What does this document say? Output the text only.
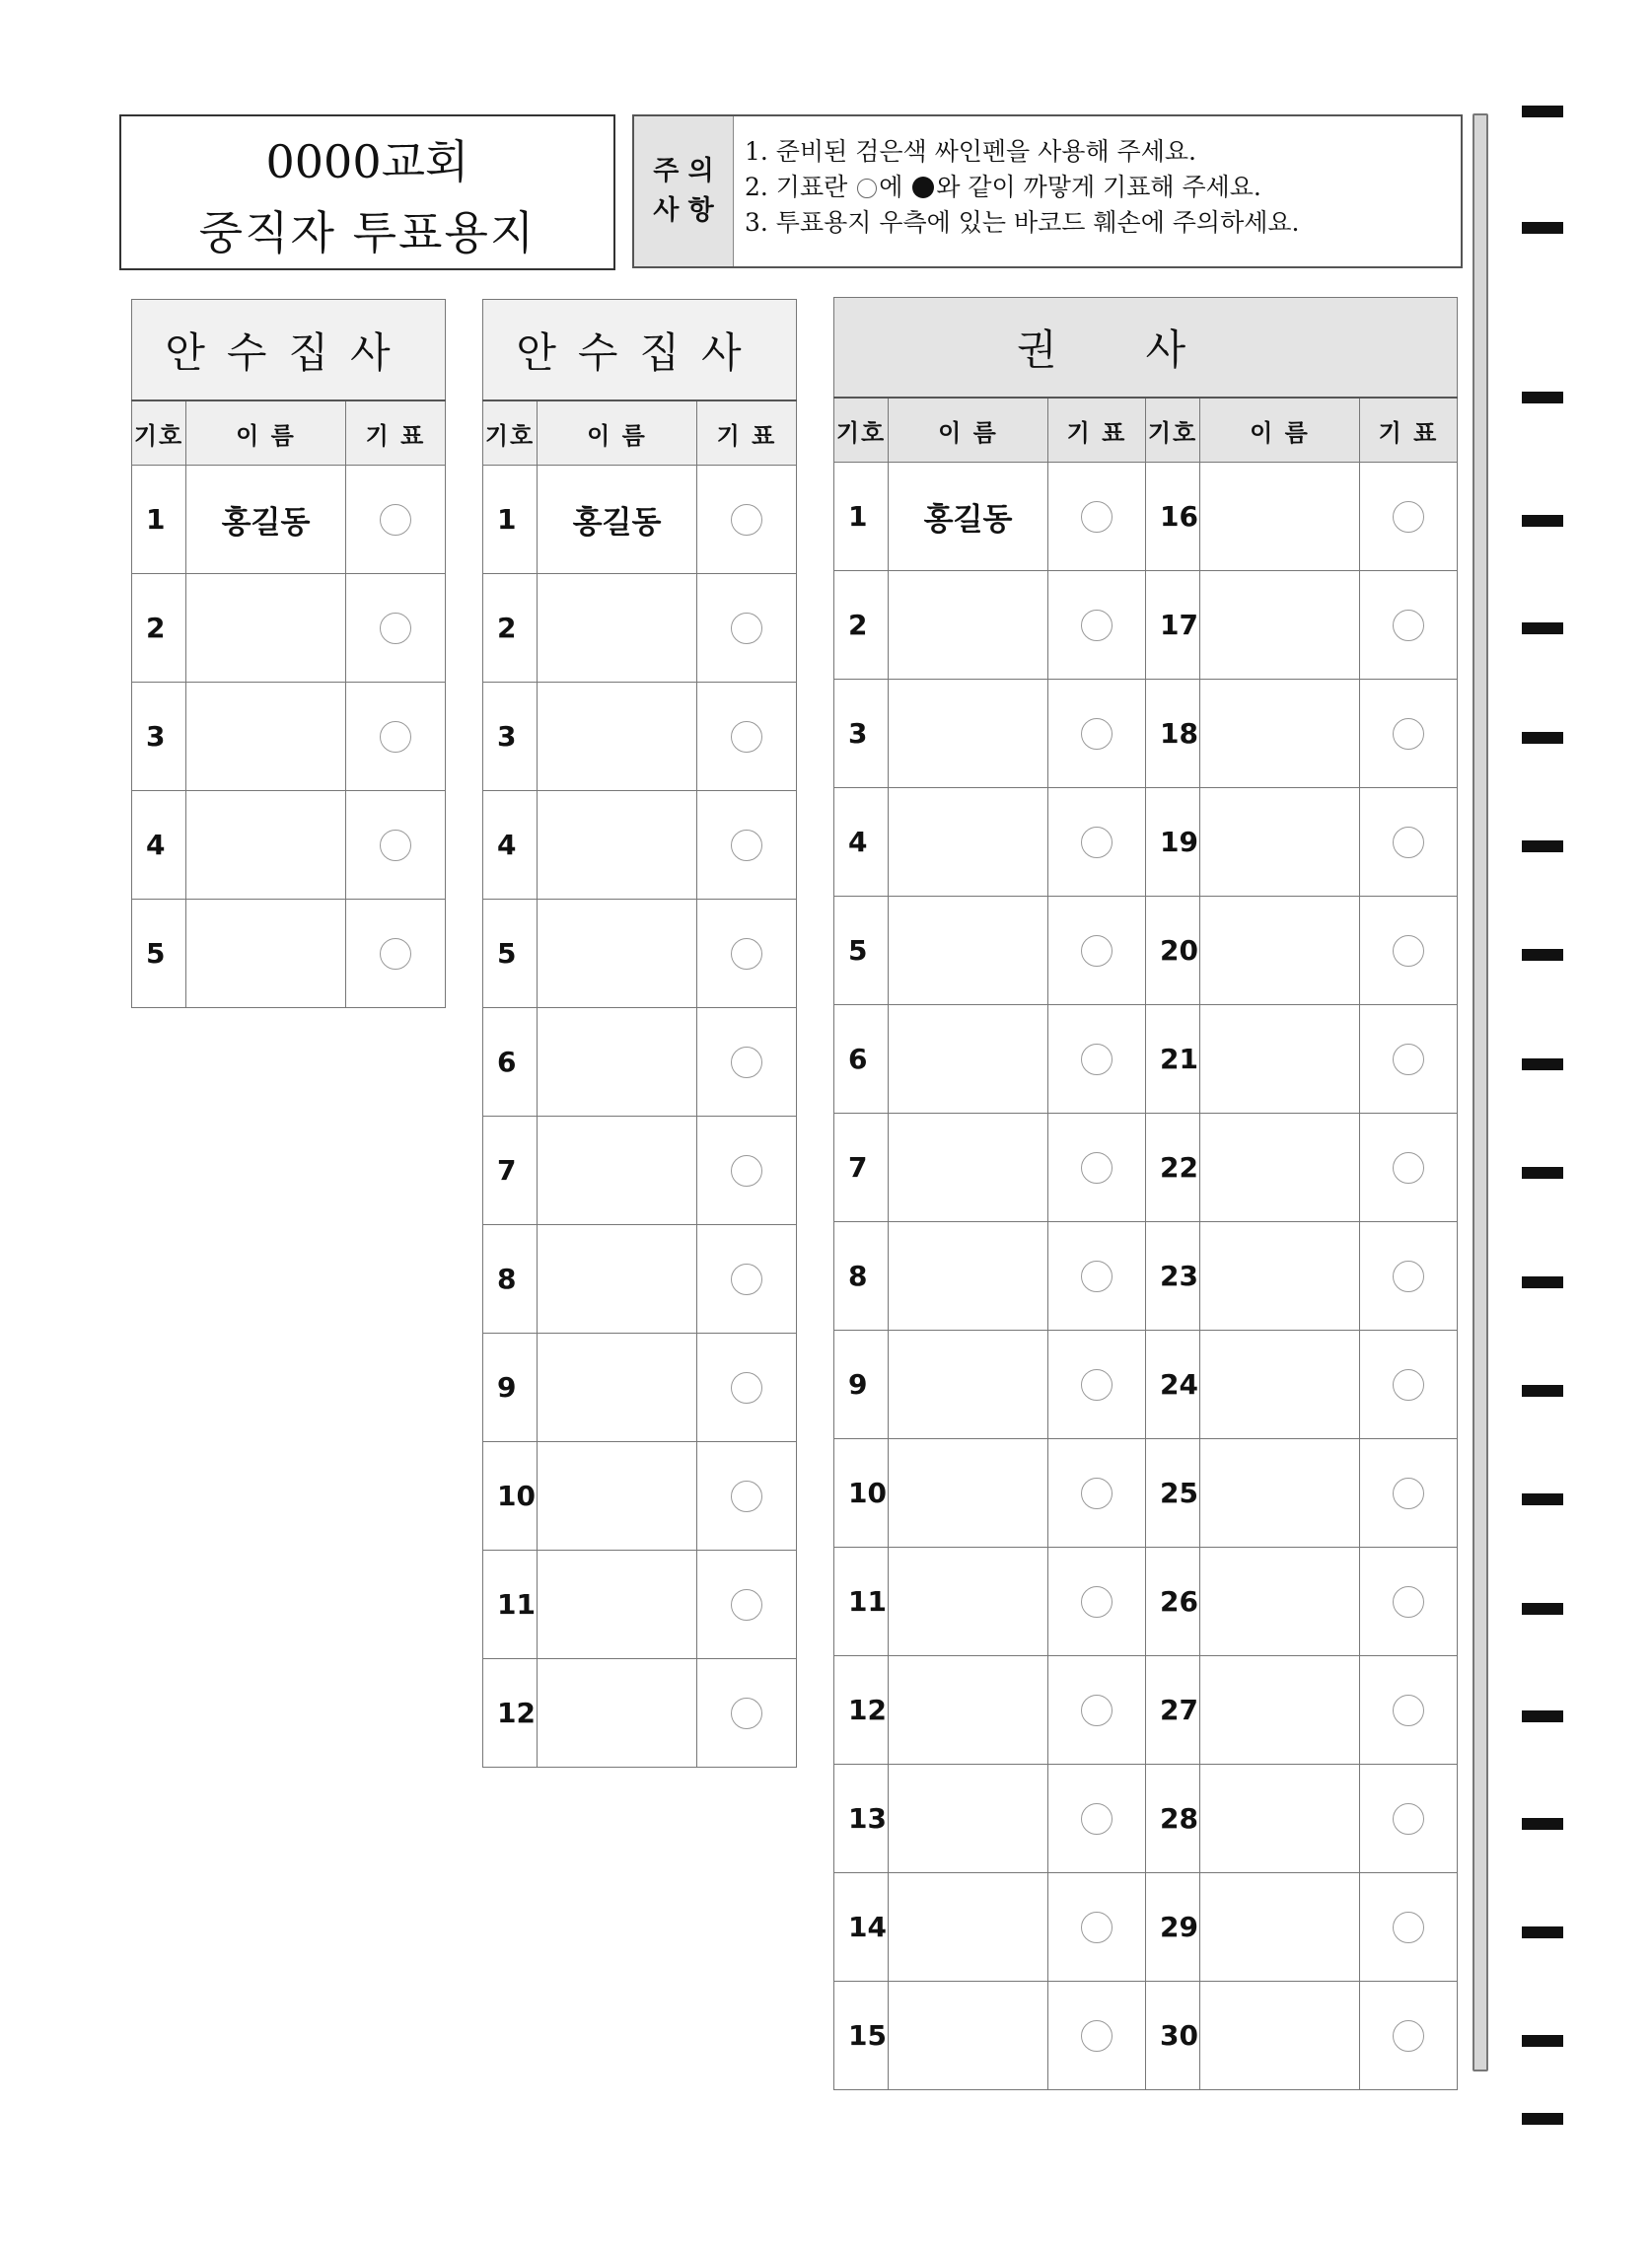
0000교회
중직자 투표용지
주 의
사 항
1. 준비된 검은색 싸인펜을 사용해 주세요.
2. 기표란 에 와 같이 까맣게 기표해 주세요.
3. 투표용지 우측에 있는 바코드 훼손에 주의하세요.
안수집사		
기호	이 름	기 표
1	홍길동	
2		
3		
4		
5		
안수집사		
기호	이 름	기 표
1	홍길동	
2		
3		
4		
5		
6		
7		
8		
9		
10		
11		
12		
권사					
기호	이 름	기 표	기호	이 름	기 표
1	홍길동		16		
2			17		
3			18		
4			19		
5			20		
6			21		
7			22		
8			23		
9			24		
10			25		
11			26		
12			27		
13			28		
14			29		
15			30		
